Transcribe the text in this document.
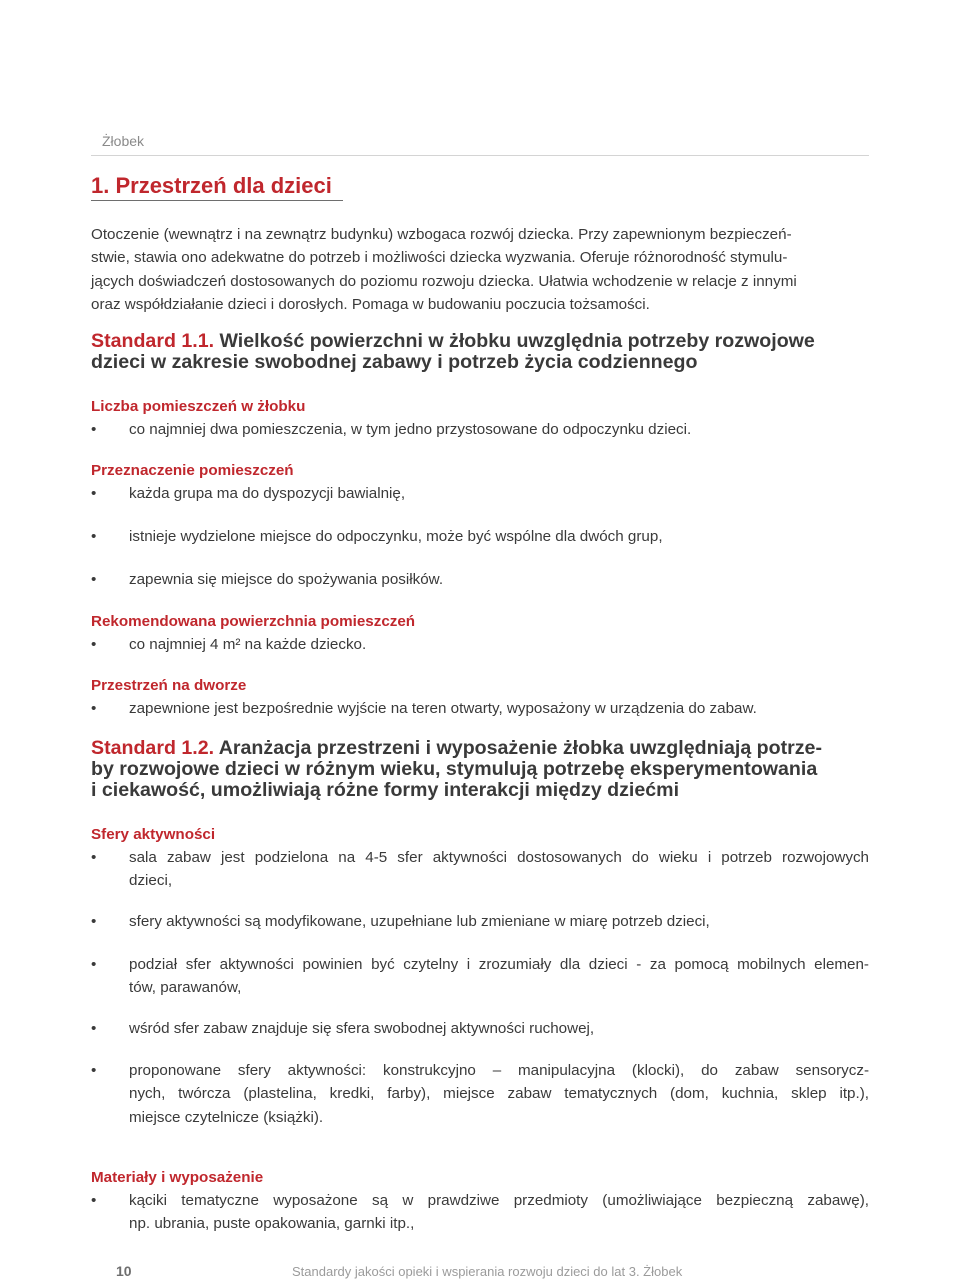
Żłobek
1. Przestrzeń dla dzieci
Otoczenie (wewnątrz i na zewnątrz budynku) wzbogaca rozwój dziecka. Przy zapewnionym bezpieczeń-
stwie, stawia ono adekwatne do potrzeb i możliwości dziecka wyzwania. Oferuje różnorodność stymulu-
jących doświadczeń dostosowanych do poziomu rozwoju dziecka. Ułatwia wchodzenie w relacje z innymi
oraz współdziałanie dzieci i dorosłych. Pomaga w budowaniu poczucia tożsamości.
Standard 1.1. Wielkość powierzchni w żłobku uwzględnia potrzeby rozwojowe
dzieci w zakresie swobodnej zabawy i potrzeb życia codziennego
Liczba pomieszczeń w żłobku
•	co najmniej dwa pomieszczenia, w tym jedno przystosowane do odpoczynku dzieci.
Przeznaczenie pomieszczeń
•	każda grupa ma do dyspozycji bawialnię,
•	istnieje wydzielone miejsce do odpoczynku, może być wspólne dla dwóch grup,
•	zapewnia się miejsce do spożywania posiłków.
Rekomendowana powierzchnia pomieszczeń
•	co najmniej 4 m² na każde dziecko.
Przestrzeń na dworze
•	zapewnione jest bezpośrednie wyjście na teren otwarty, wyposażony w urządzenia do zabaw.
Standard 1.2. Aranżacja przestrzeni i wyposażenie żłobka uwzględniają potrze-
by rozwojowe dzieci w różnym wieku, stymulują potrzebę eksperymentowania
i ciekawość, umożliwiają różne formy interakcji między dziećmi
Sfery aktywności
•	sala zabaw jest podzielona na 4-5 sfer aktywności dostosowanych do wieku i potrzeb rozwojowych
dzieci,
•	sfery aktywności są modyfikowane, uzupełniane lub zmieniane w miarę potrzeb dzieci,
•	podział sfer aktywności powinien być czytelny i zrozumiały dla dzieci - za pomocą mobilnych elemen-
tów, parawanów,
•	wśród sfer zabaw znajduje się sfera swobodnej aktywności ruchowej,
•	proponowane sfery aktywności: konstrukcyjno – manipulacyjna (klocki), do zabaw sensorycz-
nych, twórcza (plastelina, kredki, farby), miejsce zabaw tematycznych (dom, kuchnia, sklep itp.),
miejsce czytelnicze (książki).
Materiały i wyposażenie
•	kąciki tematyczne wyposażone są w prawdziwe przedmioty (umożliwiające bezpieczną zabawę),
np. ubrania, puste opakowania, garnki itp.,
10	Standardy jakości opieki i wspierania rozwoju dzieci do lat 3. Żłobek
